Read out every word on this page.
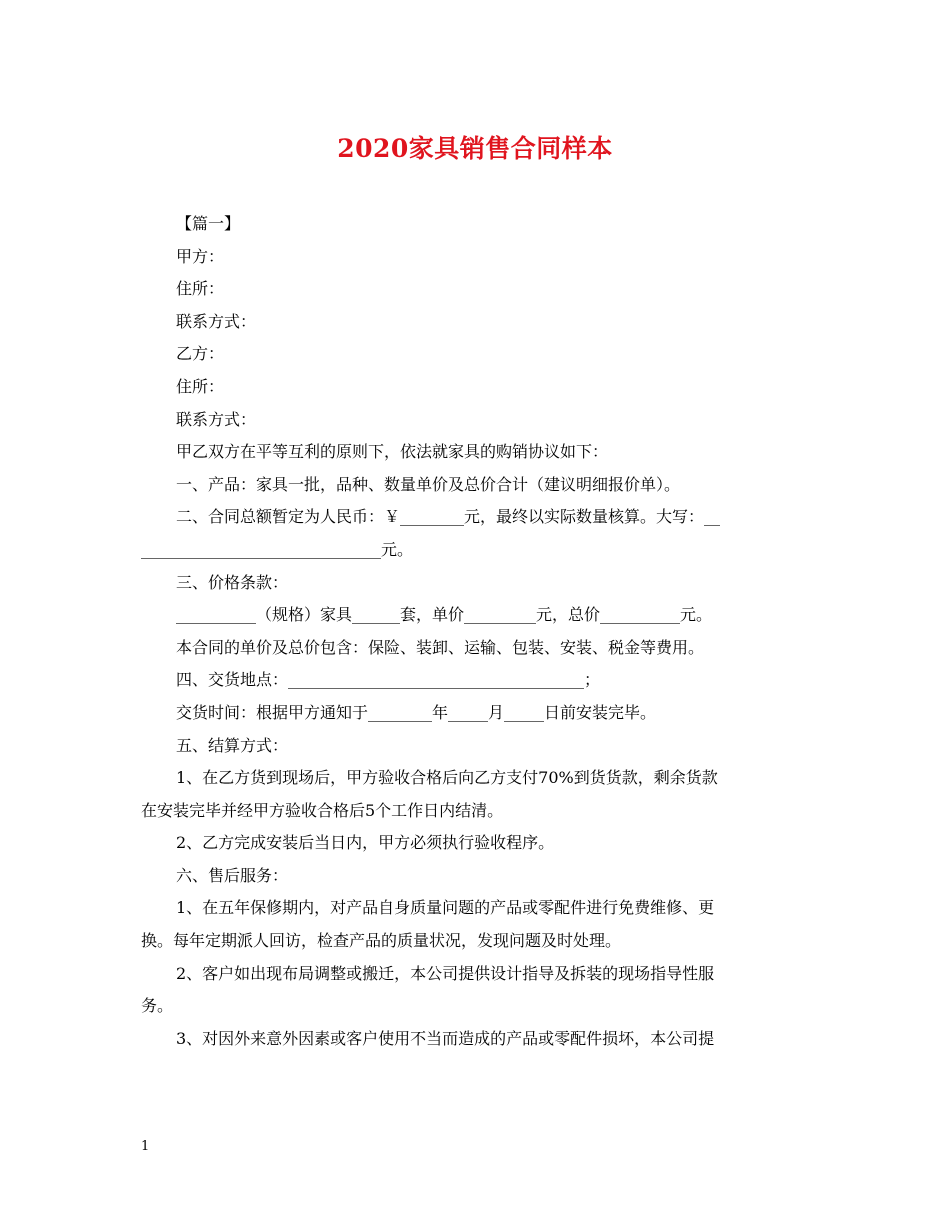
2020家具销售合同样本
【篇一】
甲方：
住所：
联系方式：
乙方：
住所：
联系方式：
甲乙双方在平等互利的原则下，依法就家具的购销协议如下：
一、产品：家具一批，品种、数量单价及总价合计（建议明细报价单）。
二、合同总额暂定为人民币：￥________元，最终以实际数量核算。大写：__
______________________________元。
三、价格条款：
__________（规格）家具______套，单价_________元，总价__________元。
本合同的单价及总价包含：保险、装卸、运输、包装、安装、税金等费用。
四、交货地点：_____________________________________；
交货时间：根据甲方通知于________年_____月_____日前安装完毕。
五、结算方式：
1、在乙方货到现场后，甲方验收合格后向乙方支付70%到货货款，剩余货款
在安装完毕并经甲方验收合格后5个工作日内结清。
2、乙方完成安装后当日内，甲方必须执行验收程序。
六、售后服务：
1、在五年保修期内，对产品自身质量问题的产品或零配件进行免费维修、更
换。每年定期派人回访，检查产品的质量状况，发现问题及时处理。
2、客户如出现布局调整或搬迁，本公司提供设计指导及拆装的现场指导性服
务。
3、对因外来意外因素或客户使用不当而造成的产品或零配件损坏，本公司提
1
